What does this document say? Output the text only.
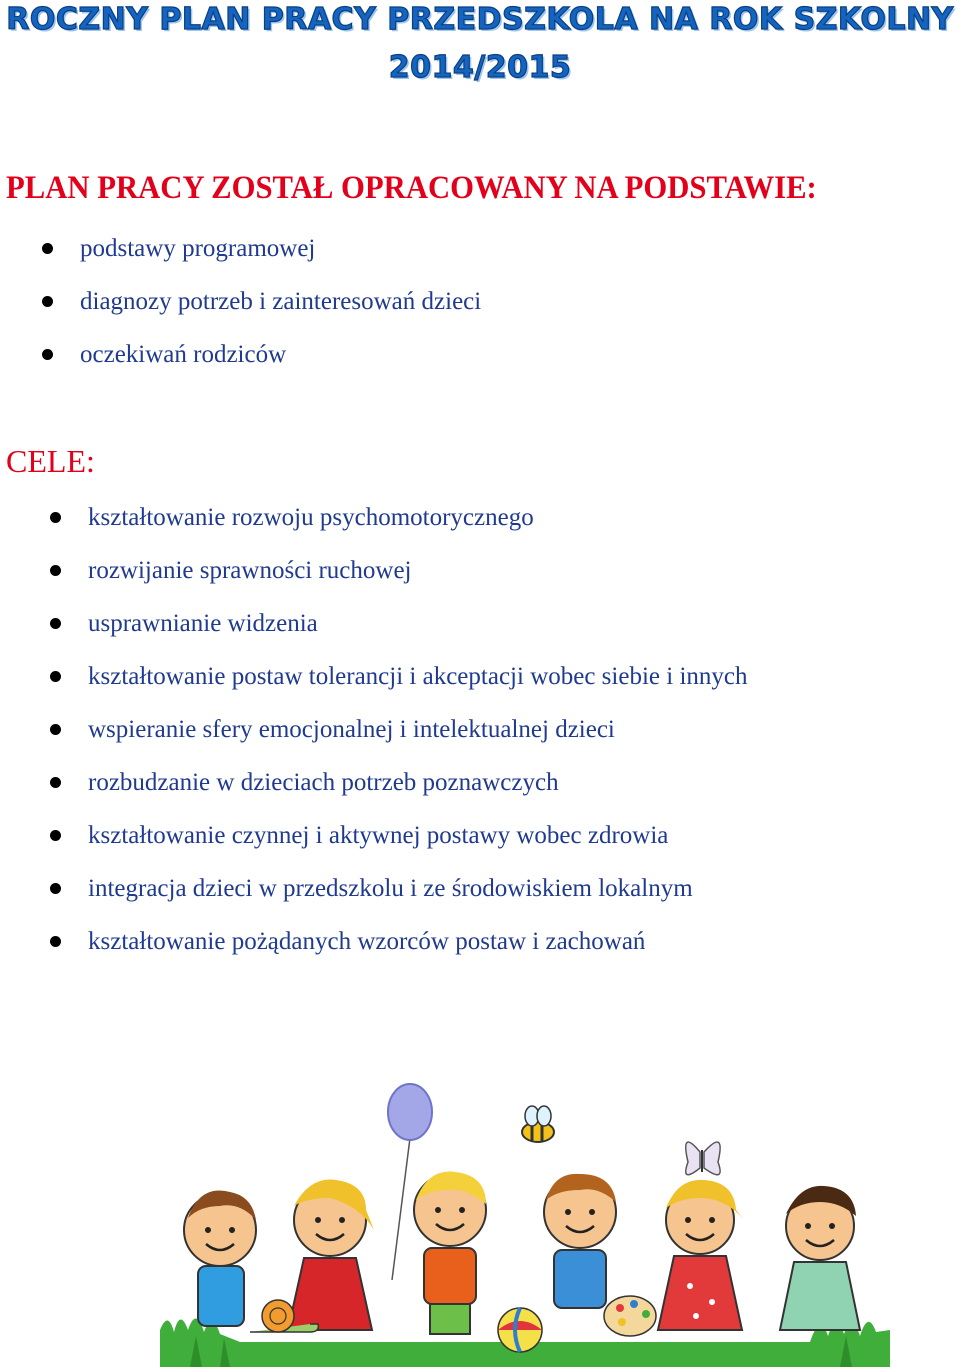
ROCZNY PLAN PRACY PRZEDSZKOLA NA ROK SZKOLNY
2014/2015
PLAN PRACY ZOSTAŁ OPRACOWANY NA PODSTAWIE:
podstawy programowej
diagnozy potrzeb i zainteresowań dzieci
oczekiwań rodziców
CELE:
kształtowanie rozwoju psychomotorycznego
rozwijanie sprawności ruchowej
usprawnianie widzenia
kształtowanie postaw tolerancji i akceptacji wobec siebie i innych
wspieranie sfery emocjonalnej i intelektualnej dzieci
rozbudzanie w dzieciach potrzeb poznawczych
kształtowanie czynnej i aktywnej postawy wobec zdrowia
integracja dzieci w przedszkolu i ze środowiskiem lokalnym
kształtowanie pożądanych wzorców postaw i zachowań
